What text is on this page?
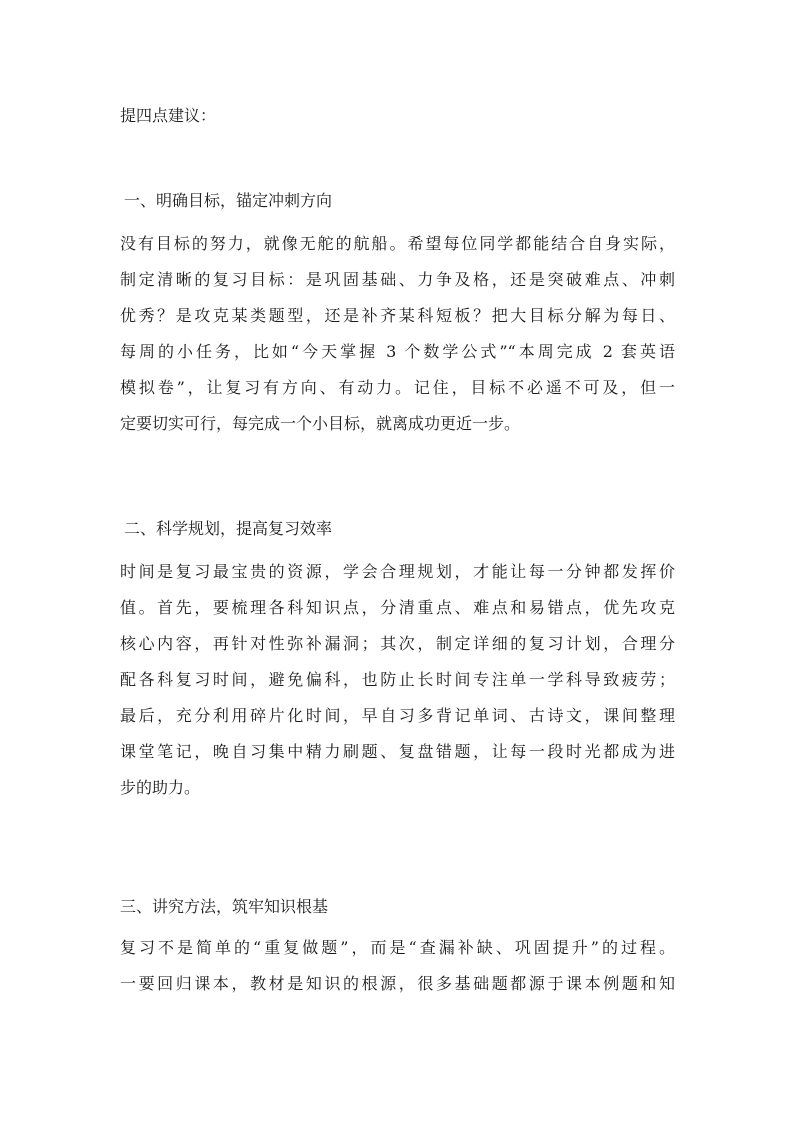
提四点建议：
一、明确目标，锚定冲刺方向
没有目标的努力，就像无舵的航船。希望每位同学都能结合自身实际，
制定清晰的复习目标：是巩固基础、力争及格，还是突破难点、冲刺
优秀？是攻克某类题型，还是补齐某科短板？把大目标分解为每日、
每周的小任务，比如“今天掌握 3 个数学公式”“本周完成 2 套英语
模拟卷”，让复习有方向、有动力。记住，目标不必遥不可及，但一
定要切实可行，每完成一个小目标，就离成功更近一步。
二、科学规划，提高复习效率
时间是复习最宝贵的资源，学会合理规划，才能让每一分钟都发挥价
值。首先，要梳理各科知识点，分清重点、难点和易错点，优先攻克
核心内容，再针对性弥补漏洞；其次，制定详细的复习计划，合理分
配各科复习时间，避免偏科，也防止长时间专注单一学科导致疲劳；
最后，充分利用碎片化时间，早自习多背记单词、古诗文，课间整理
课堂笔记，晚自习集中精力刷题、复盘错题，让每一段时光都成为进
步的助力。
三、讲究方法，筑牢知识根基
复习不是简单的“重复做题”，而是“查漏补缺、巩固提升”的过程。
一要回归课本，教材是知识的根源，很多基础题都源于课本例题和知
